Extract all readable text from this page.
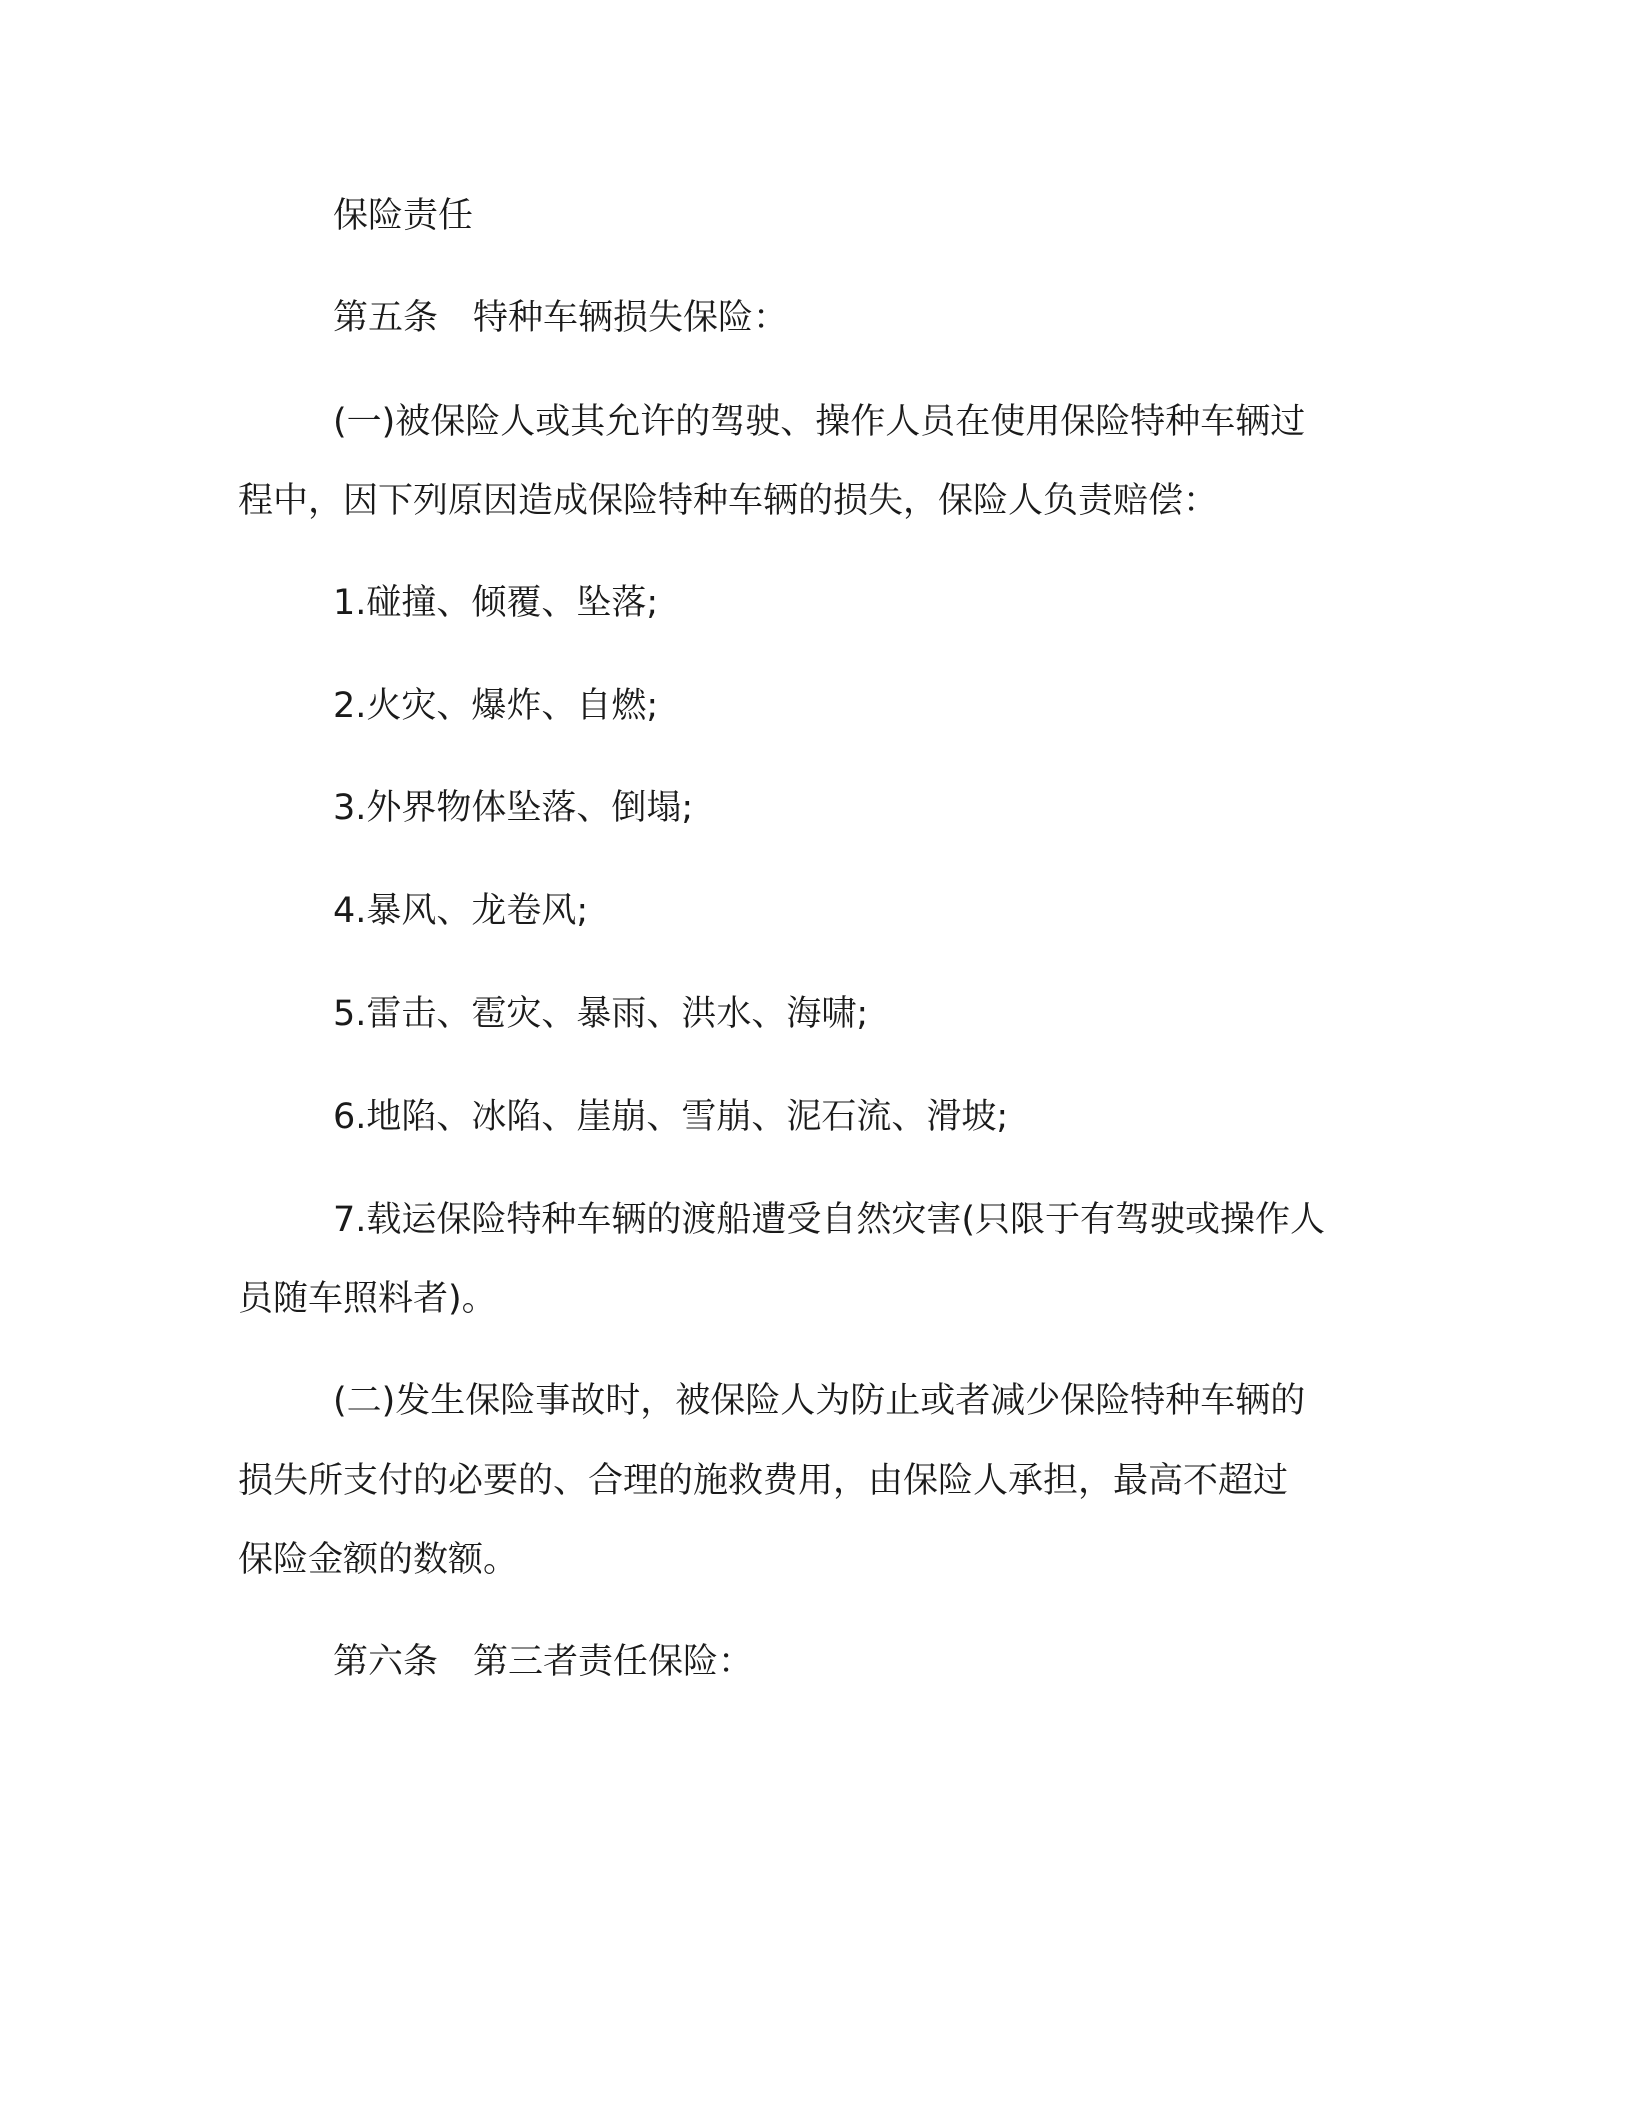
保险责任
第五条　特种车辆损失保险：
(一)被保险人或其允许的驾驶、操作人员在使用保险特种车辆过
程中，因下列原因造成保险特种车辆的损失，保险人负责赔偿：
1.碰撞、倾覆、坠落;
2.火灾、爆炸、自燃;
3.外界物体坠落、倒塌;
4.暴风、龙卷风;
5.雷击、雹灾、暴雨、洪水、海啸;
6.地陷、冰陷、崖崩、雪崩、泥石流、滑坡;
7.载运保险特种车辆的渡船遭受自然灾害(只限于有驾驶或操作人
员随车照料者)。
(二)发生保险事故时，被保险人为防止或者减少保险特种车辆的
损失所支付的必要的、合理的施救费用，由保险人承担，最高不超过
保险金额的数额。
第六条　第三者责任保险：
